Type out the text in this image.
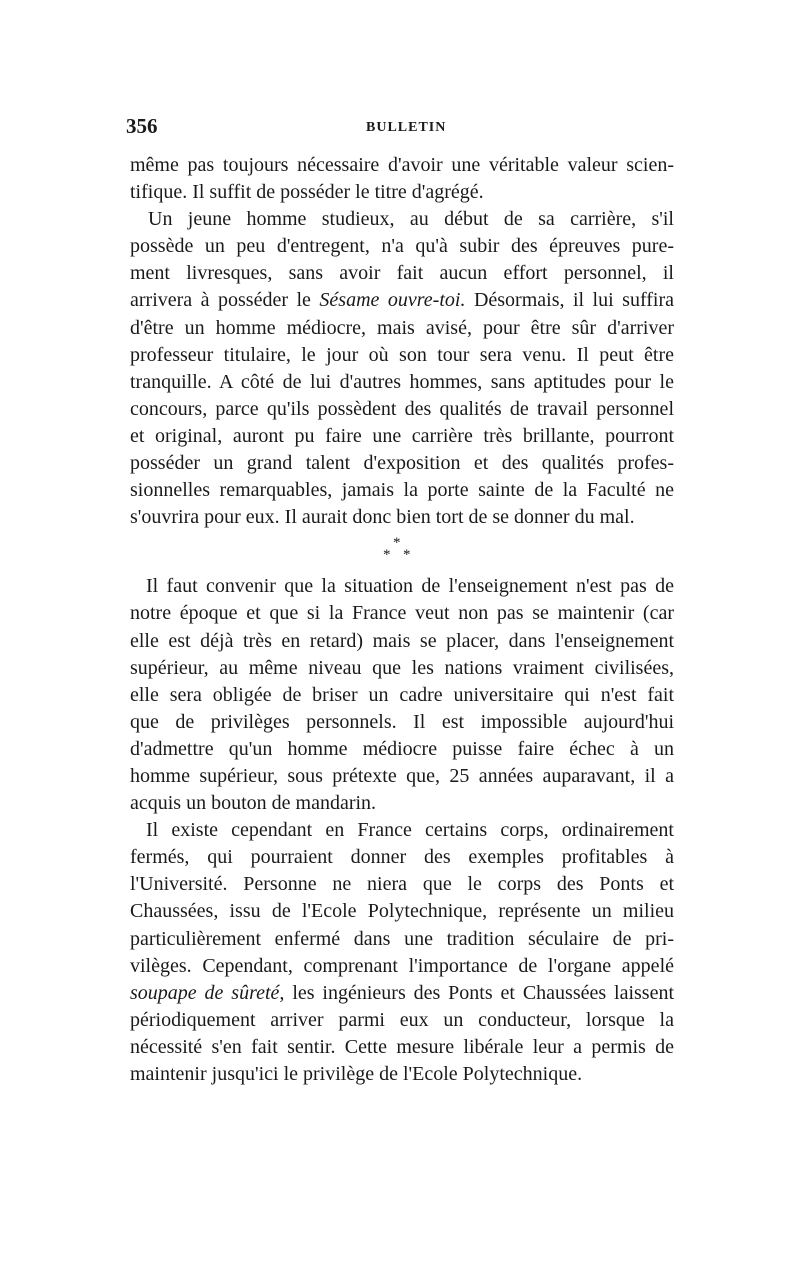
356	BULLETIN
même pas toujours nécessaire d'avoir une véritable valeur scien-
tifique. Il suffit de posséder le titre d'agrégé.
Un jeune homme studieux, au début de sa carrière, s'il
possède un peu d'entregent, n'a qu'à subir des épreuves pure-
ment livresques, sans avoir fait aucun effort personnel, il
arrivera à posséder le Sésame ouvre-toi. Désormais, il lui suffira
d'être un homme médiocre, mais avisé, pour être sûr d'arriver
professeur titulaire, le jour où son tour sera venu. Il peut être
tranquille. A côté de lui d'autres hommes, sans aptitudes pour le
concours, parce qu'ils possèdent des qualités de travail personnel
et original, auront pu faire une carrière très brillante, pourront
posséder un grand talent d'exposition et des qualités profes-
sionnelles remarquables, jamais la porte sainte de la Faculté ne
s'ouvrira pour eux. Il aurait donc bien tort de se donner du mal.
*
* *
Il faut convenir que la situation de l'enseignement n'est pas de
notre époque et que si la France veut non pas se maintenir (car
elle est déjà très en retard) mais se placer, dans l'enseignement
supérieur, au même niveau que les nations vraiment civilisées,
elle sera obligée de briser un cadre universitaire qui n'est fait
que de privilèges personnels. Il est impossible aujourd'hui
d'admettre qu'un homme médiocre puisse faire échec à un
homme supérieur, sous prétexte que, 25 années auparavant, il a
acquis un bouton de mandarin.
Il existe cependant en France certains corps, ordinairement
fermés, qui pourraient donner des exemples profitables à
l'Université. Personne ne niera que le corps des Ponts et
Chaussées, issu de l'Ecole Polytechnique, représente un milieu
particulièrement enfermé dans une tradition séculaire de pri-
vilèges. Cependant, comprenant l'importance de l'organe appelé
soupape de sûreté, les ingénieurs des Ponts et Chaussées laissent
périodiquement arriver parmi eux un conducteur, lorsque la
nécessité s'en fait sentir. Cette mesure libérale leur a permis de
maintenir jusqu'ici le privilège de l'Ecole Polytechnique.
